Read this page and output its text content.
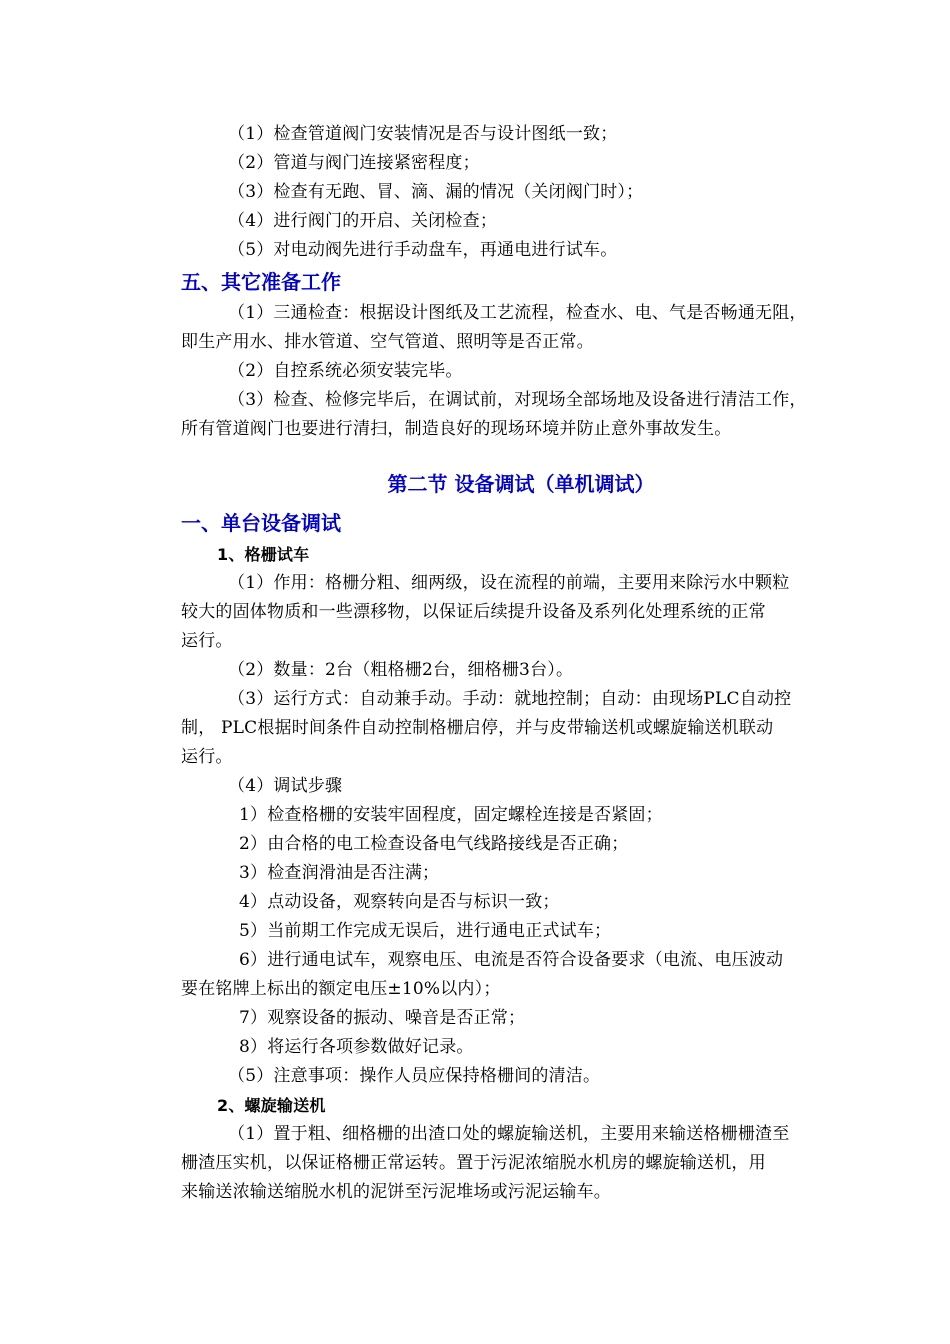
（1）检查管道阀门安装情况是否与设计图纸一致；
（2）管道与阀门连接紧密程度；
（3）检查有无跑、冒、滴、漏的情况（关闭阀门时）；
（4）进行阀门的开启、关闭检查；
（5）对电动阀先进行手动盘车，再通电进行试车。
五、其它准备工作
（1）三通检查：根据设计图纸及工艺流程，检查水、电、气是否畅通无阻，
即生产用水、排水管道、空气管道、照明等是否正常。
（2）自控系统必须安装完毕。
（3）检查、检修完毕后，在调试前，对现场全部场地及设备进行清洁工作，
所有管道阀门也要进行清扫，制造良好的现场环境并防止意外事故发生。
第二节 设备调试（单机调试）
一、单台设备调试
1、格栅试车
（1）作用：格栅分粗、细两级，设在流程的前端，主要用来除污水中颗粒
较大的固体物质和一些漂移物，以保证后续提升设备及系列化处理系统的正常
运行。
（2）数量：2台（粗格栅2台，细格栅3台）。
（3）运行方式：自动兼手动。手动：就地控制；自动：由现场PLC自动控
制， PLC根据时间条件自动控制格栅启停，并与皮带输送机或螺旋输送机联动
运行。
（4）调试步骤
1）检查格栅的安装牢固程度，固定螺栓连接是否紧固；
2）由合格的电工检查设备电气线路接线是否正确；
3）检查润滑油是否注满；
4）点动设备，观察转向是否与标识一致；
5）当前期工作完成无误后，进行通电正式试车；
6）进行通电试车，观察电压、电流是否符合设备要求（电流、电压波动
要在铭牌上标出的额定电压±10%以内）；
7）观察设备的振动、噪音是否正常；
8）将运行各项参数做好记录。
（5）注意事项：操作人员应保持格栅间的清洁。
2、螺旋输送机
（1）置于粗、细格栅的出渣口处的螺旋输送机，主要用来输送格栅栅渣至
栅渣压实机，以保证格栅正常运转。置于污泥浓缩脱水机房的螺旋输送机，用
来输送浓输送缩脱水机的泥饼至污泥堆场或污泥运输车。
